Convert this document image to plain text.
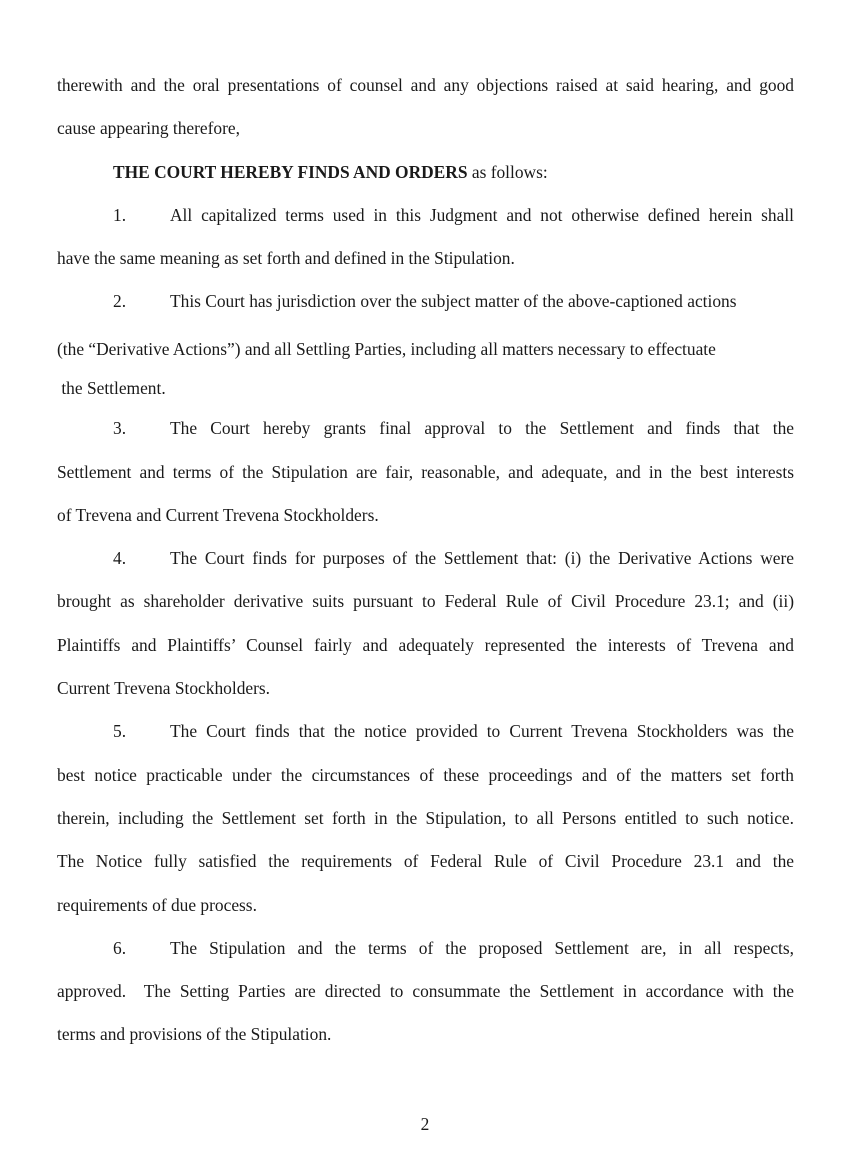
therewith and the oral presentations of counsel and any objections raised at said hearing, and good
cause appearing therefore,
THE COURT HEREBY FINDS AND ORDERS as follows:
1.	All capitalized terms used in this Judgment and not otherwise defined herein shall
have the same meaning as set forth and defined in the Stipulation.
2.	This Court has jurisdiction over the subject matter of the above-captioned actions
(the “Derivative Actions”) and all Settling Parties, including all matters necessary to effectuate
the Settlement.
3.	The Court hereby grants final approval to the Settlement and finds that the
Settlement and terms of the Stipulation are fair, reasonable, and adequate, and in the best interests
of Trevena and Current Trevena Stockholders.
4.	The Court finds for purposes of the Settlement that: (i) the Derivative Actions were
brought as shareholder derivative suits pursuant to Federal Rule of Civil Procedure 23.1; and (ii)
Plaintiffs and Plaintiffs’ Counsel fairly and adequately represented the interests of Trevena and
Current Trevena Stockholders.
5.	The Court finds that the notice provided to Current Trevena Stockholders was the
best notice practicable under the circumstances of these proceedings and of the matters set forth
therein, including the Settlement set forth in the Stipulation, to all Persons entitled to such notice.
The Notice fully satisfied the requirements of Federal Rule of Civil Procedure 23.1 and the
requirements of due process.
6.	The Stipulation and the terms of the proposed Settlement are, in all respects,
approved.  The Setting Parties are directed to consummate the Settlement in accordance with the
terms and provisions of the Stipulation.
2
